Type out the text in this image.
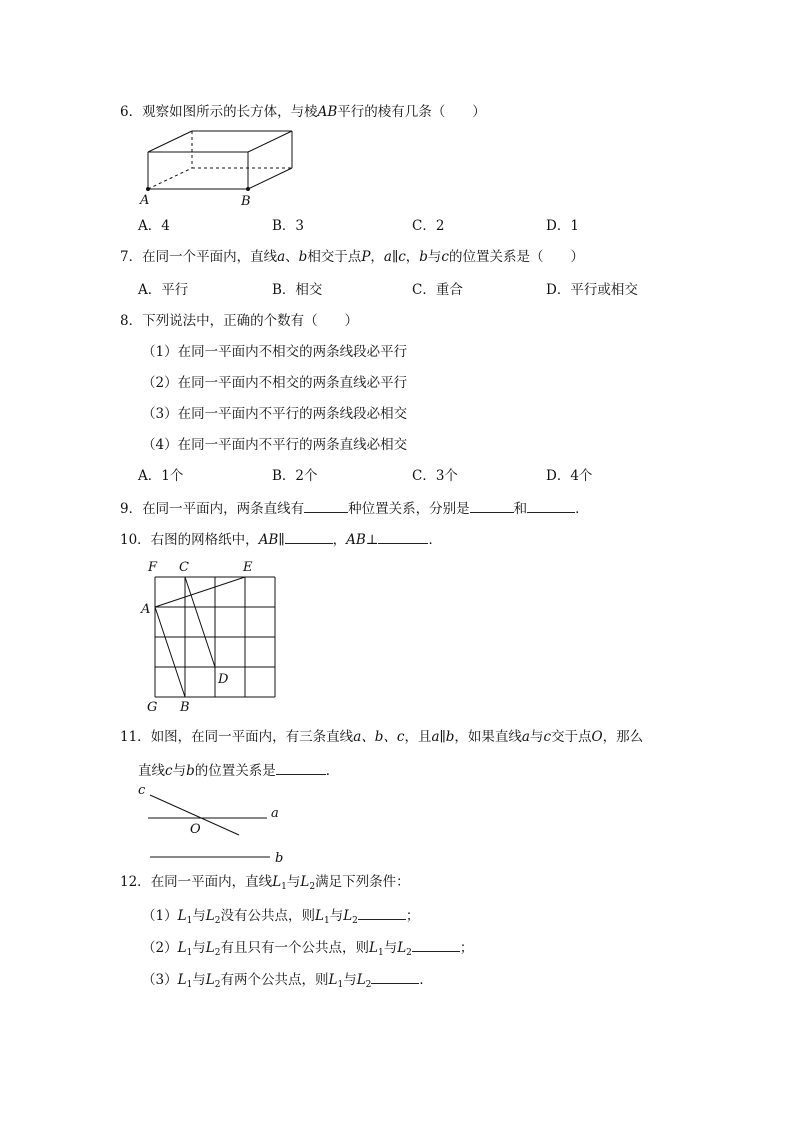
6．观察如图所示的长方体，与棱AB平行的棱有几条（　　）
A	B
A．4	B．3	C．2	D．1
7．在同一个平面内，直线a、b相交于点P，a∥c，b与c的位置关系是（　　）
A．平行	B．相交	C．重合	D．平行或相交
8．下列说法中，正确的个数有（　　）
（1）在同一平面内不相交的两条线段必平行
（2）在同一平面内不相交的两条直线必平行
（3）在同一平面内不平行的两条线段必相交
（4）在同一平面内不平行的两条直线必相交
A．1个	B．2个	C．3个	D．4个
9．在同一平面内，两条直线有	种位置关系，分别是	和	．
10．右图的网格纸中，AB∥	，AB⊥	．
F C	E
A
D
G B
11．如图，在同一平面内，有三条直线a、b、c，且a∥b，如果直线a与c交于点O，那么
直线c与b的位置关系是	．
c
a
O
b
12．在同一平面内，直线$L_1$与$L_2$满足下列条件：
$(1)L_1$与$L_2$没有公共点，则$L_1$与$L_2$	；
$(2)L_1$与$L_2$有且只有一个公共点，则$L_1$与$L_2$	；
$(3)L_1$与$L_2$有两个公共点，则$L_1$与$L_2$	．
